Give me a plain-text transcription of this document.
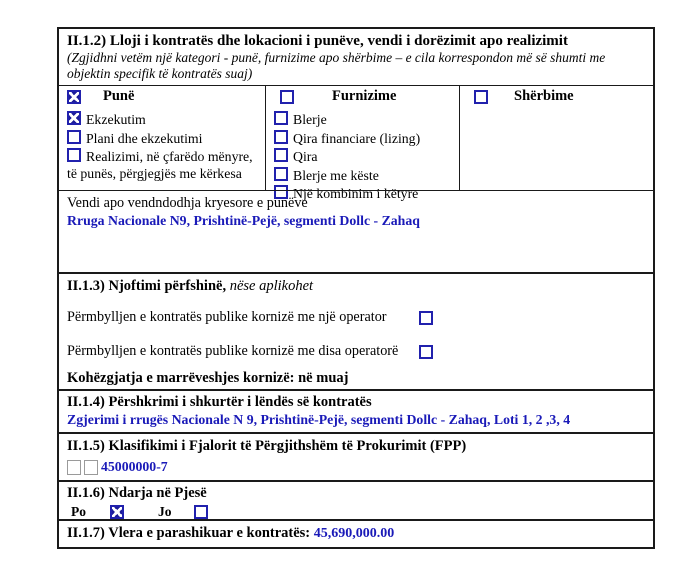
II.1.2) Lloji i kontratës dhe lokacioni i punëve, vendi i dorëzimit apo realizimit
(Zgjidhni vetëm një kategori - punë, furnizime apo shërbime – e cila korrespondon më së shumti me objektin specifik të kontratës suaj)
Punë	Furnizime	Shërbime
Ekzekutim
Plani dhe ekzekutimi
Realizimi, në çfarëdo mënyre, të punës, përgjegjës me kërkesa
Blerje
Qira financiare (lizing)
Qira
Blerje me këste
Një kombinim i këtyre
Vendi apo vendndodhja kryesore e punëve
Rruga Nacionale N9, Prishtinë-Pejë, segmenti Dollc - Zahaq
II.1.3) Njoftimi përfshinë, nëse aplikohet
Përmbylljen e kontratës publike kornizë me një operator
Përmbylljen e kontratës publike kornizë me disa operatorë
Kohëzgjatja e marrëveshjes kornizë: në muaj
II.1.4) Përshkrimi i shkurtër i lëndës së kontratës
Zgjerimi i rrugës Nacionale N 9, Prishtinë-Pejë, segmenti Dollc - Zahaq, Loti 1, 2 ,3, 4
II.1.5) Klasifikimi i Fjalorit të Përgjithshëm të Prokurimit (FPP)
45000000-7
II.1.6) Ndarja në Pjesë
Po	Jo
II.1.7) Vlera e parashikuar e kontratës: 45,690,000.00
